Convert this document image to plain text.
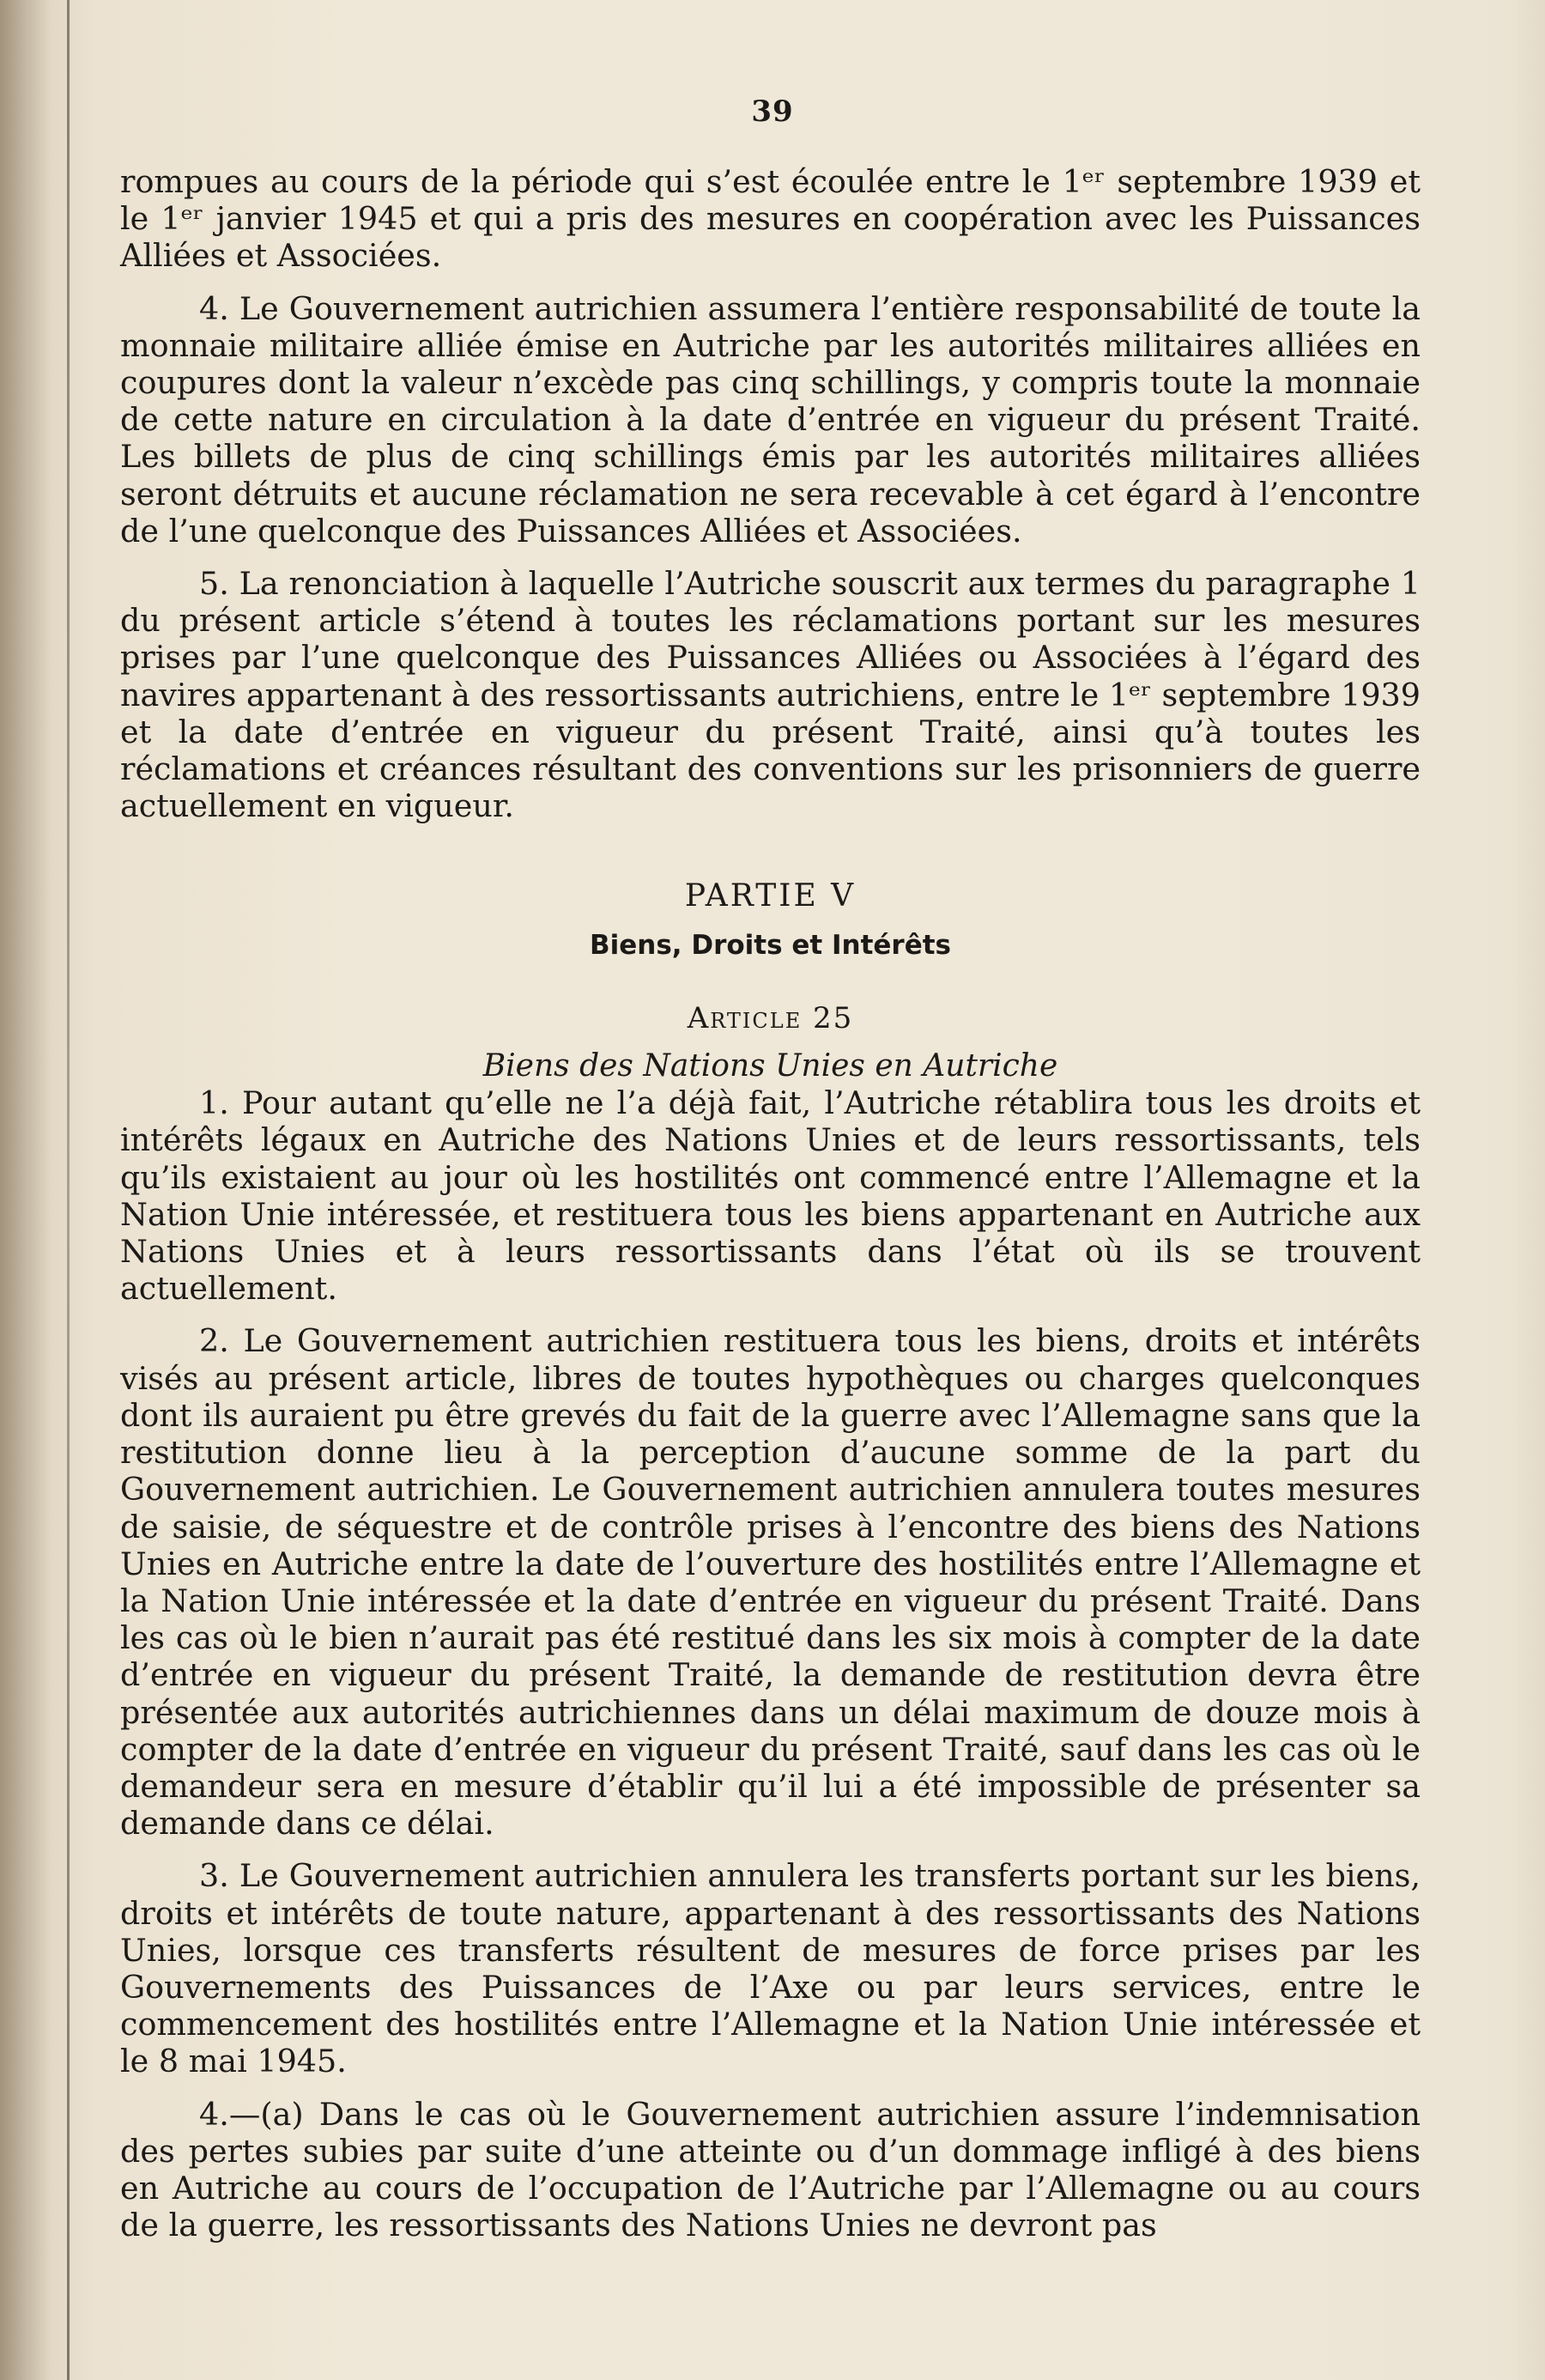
39

rompues au cours de la période qui s’est écoulée entre le 1ᵉʳ septembre 1939 et le 1ᵉʳ janvier 1945 et qui a pris des mesures en coopération avec les Puissances Alliées et Associées.

4. Le Gouvernement autrichien assumera l’entière responsabilité de toute la monnaie militaire alliée émise en Autriche par les autorités militaires alliées en coupures dont la valeur n’excède pas cinq schillings, y compris toute la monnaie de cette nature en circulation à la date d’entrée en vigueur du présent Traité. Les billets de plus de cinq schillings émis par les autorités militaires alliées seront détruits et aucune réclamation ne sera recevable à cet égard à l’encontre de l’une quelconque des Puissances Alliées et Associées.

5. La renonciation à laquelle l’Autriche souscrit aux termes du paragraphe 1 du présent article s’étend à toutes les réclamations portant sur les mesures prises par l’une quelconque des Puissances Alliées ou Associées à l’égard des navires appartenant à des ressortissants autrichiens, entre le 1ᵉʳ septembre 1939 et la date d’entrée en vigueur du présent Traité, ainsi qu’à toutes les réclamations et créances résultant des conventions sur les prisonniers de guerre actuellement en vigueur.

PARTIE V

Biens, Droits et Intérêts

Article 25

Biens des Nations Unies en Autriche

1. Pour autant qu’elle ne l’a déjà fait, l’Autriche rétablira tous les droits et intérêts légaux en Autriche des Nations Unies et de leurs ressortissants, tels qu’ils existaient au jour où les hostilités ont commencé entre l’Allemagne et la Nation Unie intéressée, et restituera tous les biens appartenant en Autriche aux Nations Unies et à leurs ressortissants dans l’état où ils se trouvent actuellement.

2. Le Gouvernement autrichien restituera tous les biens, droits et intérêts visés au présent article, libres de toutes hypothèques ou charges quelconques dont ils auraient pu être grevés du fait de la guerre avec l’Allemagne sans que la restitution donne lieu à la perception d’aucune somme de la part du Gouvernement autrichien. Le Gouvernement autrichien annulera toutes mesures de saisie, de séquestre et de contrôle prises à l’encontre des biens des Nations Unies en Autriche entre la date de l’ouverture des hostilités entre l’Allemagne et la Nation Unie intéressée et la date d’entrée en vigueur du présent Traité. Dans les cas où le bien n’aurait pas été restitué dans les six mois à compter de la date d’entrée en vigueur du présent Traité, la demande de restitution devra être présentée aux autorités autrichiennes dans un délai maximum de douze mois à compter de la date d’entrée en vigueur du présent Traité, sauf dans les cas où le demandeur sera en mesure d’établir qu’il lui a été impossible de présenter sa demande dans ce délai.

3. Le Gouvernement autrichien annulera les transferts portant sur les biens, droits et intérêts de toute nature, appartenant à des ressortissants des Nations Unies, lorsque ces transferts résultent de mesures de force prises par les Gouvernements des Puissances de l’Axe ou par leurs services, entre le commencement des hostilités entre l’Allemagne et la Nation Unie intéressée et le 8 mai 1945.

4.—(a) Dans le cas où le Gouvernement autrichien assure l’indemnisation des pertes subies par suite d’une atteinte ou d’un dommage infligé à des biens en Autriche au cours de l’occupation de l’Autriche par l’Allemagne ou au cours de la guerre, les ressortissants des Nations Unies ne devront pas
